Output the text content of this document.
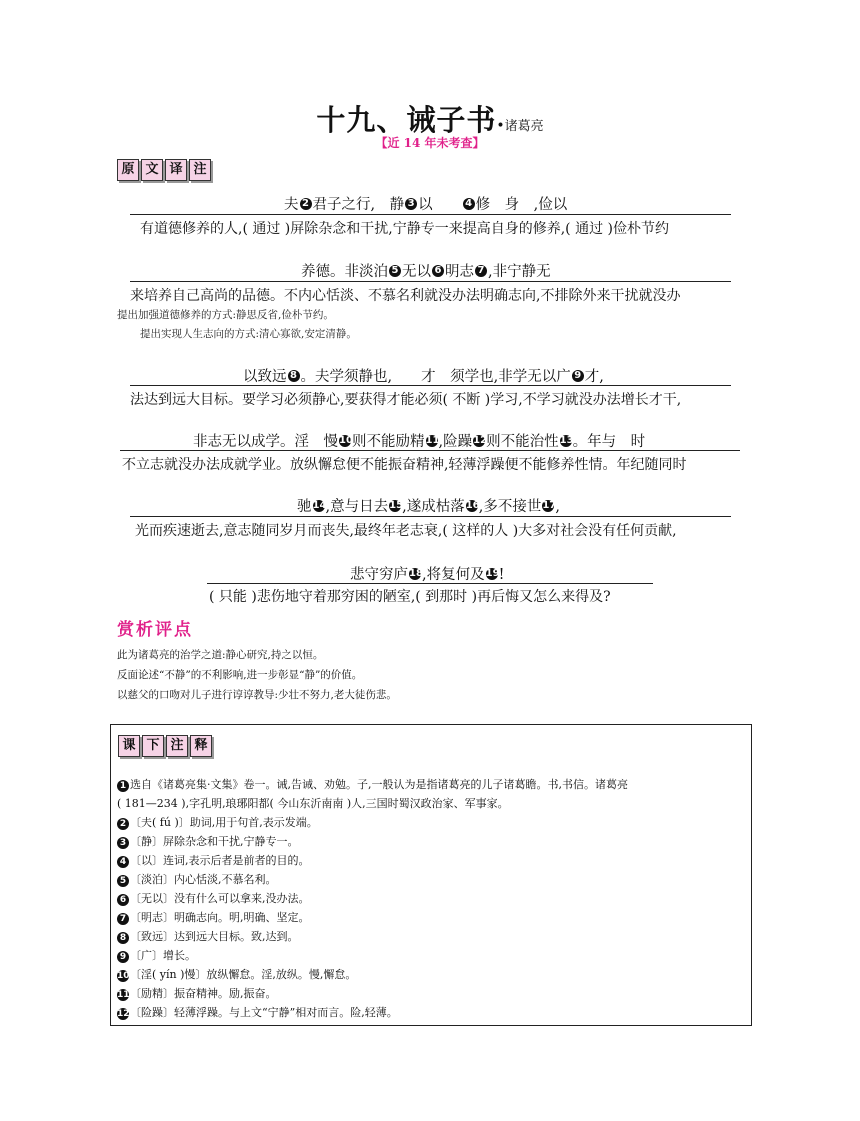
十九、诫子书•诸葛亮
【近 14 年未考查】
原 文 译 注
夫 2 君子之行,　静 3 以　　4 修　身　,俭以
有道德修养的人,( 通过 )屏除杂念和干扰,宁静专一来提高自身的修养,( 通过 )俭朴节约
养德。非淡泊 5 无以 6 明志 7 ,非宁静无
来培养自己高尚的品德。不内心恬淡、不慕名利就没办法明确志向,不排除外来干扰就没办
提出加强道德修养的方式:静思反省,俭朴节约。
提出实现人生志向的方式:清心寡欲,安定清静。
以致远 8 。夫学须静也,　　才　须学也,非学无以广 9 才,
法达到远大目标。要学习必须静心,要获得才能必须( 不断 )学习,不学习就没办法增长才干,
非志无以成学。淫　慢10则不能励精11,险躁12则不能治性13。年与　时
不立志就没办法成就学业。放纵懈怠便不能振奋精神,轻薄浮躁便不能修养性情。年纪随同时
驰14,意与日去15,遂成枯落16,多不接世17,
光而疾速逝去,意志随同岁月而丧失,最终年老志衰,( 这样的人 )大多对社会没有任何贡献,
悲守穷庐18,将复何及19!
( 只能 )悲伤地守着那穷困的陋室,( 到那时 )再后悔又怎么来得及?
赏析评点
此为诸葛亮的治学之道:静心研究,持之以恒。
反面论述“不静”的不利影响,进一步彰显“静”的价值。
以慈父的口吻对儿子进行谆谆教导:少壮不努力,老大徒伤悲。
课 下 注 释
1 选自《诸葛亮集·文集》卷一。诫,告诫、劝勉。子,一般认为是指诸葛亮的儿子诸葛瞻。书,书信。诸葛亮
( 181—234 ),字孔明,琅琊阳都( 今山东沂南南 )人,三国时蜀汉政治家、军事家。
2 〔夫( fú )〕助词,用于句首,表示发端。
3 〔静〕屏除杂念和干扰,宁静专一。
4 〔以〕连词,表示后者是前者的目的。
5 〔淡泊〕内心恬淡,不慕名利。
6 〔无以〕没有什么可以拿来,没办法。
7 〔明志〕明确志向。明,明确、坚定。
8 〔致远〕达到远大目标。致,达到。
9 〔广〕增长。
10〔淫( yín )慢〕放纵懈怠。淫,放纵。慢,懈怠。
11〔励精〕振奋精神。励,振奋。
12〔险躁〕轻薄浮躁。与上文“宁静”相对而言。险,轻薄。
